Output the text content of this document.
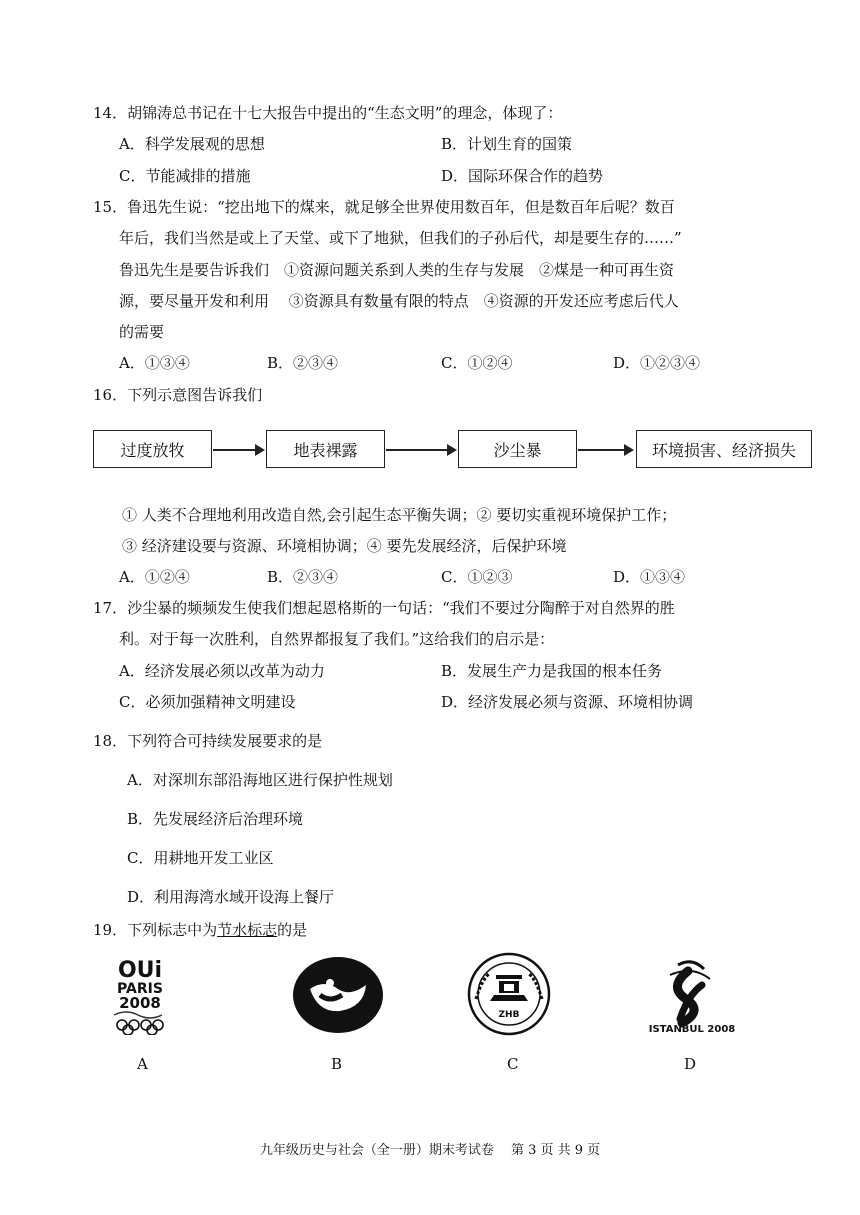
14．胡锦涛总书记在十七大报告中提出的“生态文明”的理念，体现了：
A．科学发展观的思想	B．计划生育的国策
C．节能减排的措施	D．国际环保合作的趋势
15．鲁迅先生说：“挖出地下的煤来，就足够全世界使用数百年，但是数百年后呢？数百
年后，我们当然是或上了天堂、或下了地狱，但我们的子孙后代，却是要生存的……”
鲁迅先生是要告诉我们　①资源问题关系到人类的生存与发展　②煤是一种可再生资
源，要尽量开发和利用　 ③资源具有数量有限的特点　④资源的开发还应考虑后代人
的需要
A．①③④	B．②③④	C．①②④	D．①②③④
16．下列示意图告诉我们
过度放牧	地表裸露	沙尘暴	环境损害、经济损失
① 人类不合理地利用改造自然,会引起生态平衡失调；② 要切实重视环境保护工作；
③ 经济建设要与资源、环境相协调；④ 要先发展经济，后保护环境
A．①②④	B．②③④	C．①②③	D．①③④
17．沙尘暴的频频发生使我们想起恩格斯的一句话：“我们不要过分陶醉于对自然界的胜
利。对于每一次胜利，自然界都报复了我们。”这给我们的启示是：
A．经济发展必须以改革为动力	B．发展生产力是我国的根本任务
C．必须加强精神文明建设	D．经济发展必须与资源、环境相协调
18．下列符合可持续发展要求的是
A．对深圳东部沿海地区进行保护性规划
B．先发展经济后治理环境
C．用耕地开发工业区
D．利用海湾水域开设海上餐厅
19．下列标志中为节水标志的是
OUi
PARIS
2008
A	B
ZHB
C
ISTANBUL 2008
D
九年级历史与社会（全一册）期末考试卷　 第 3 页 共 9 页
